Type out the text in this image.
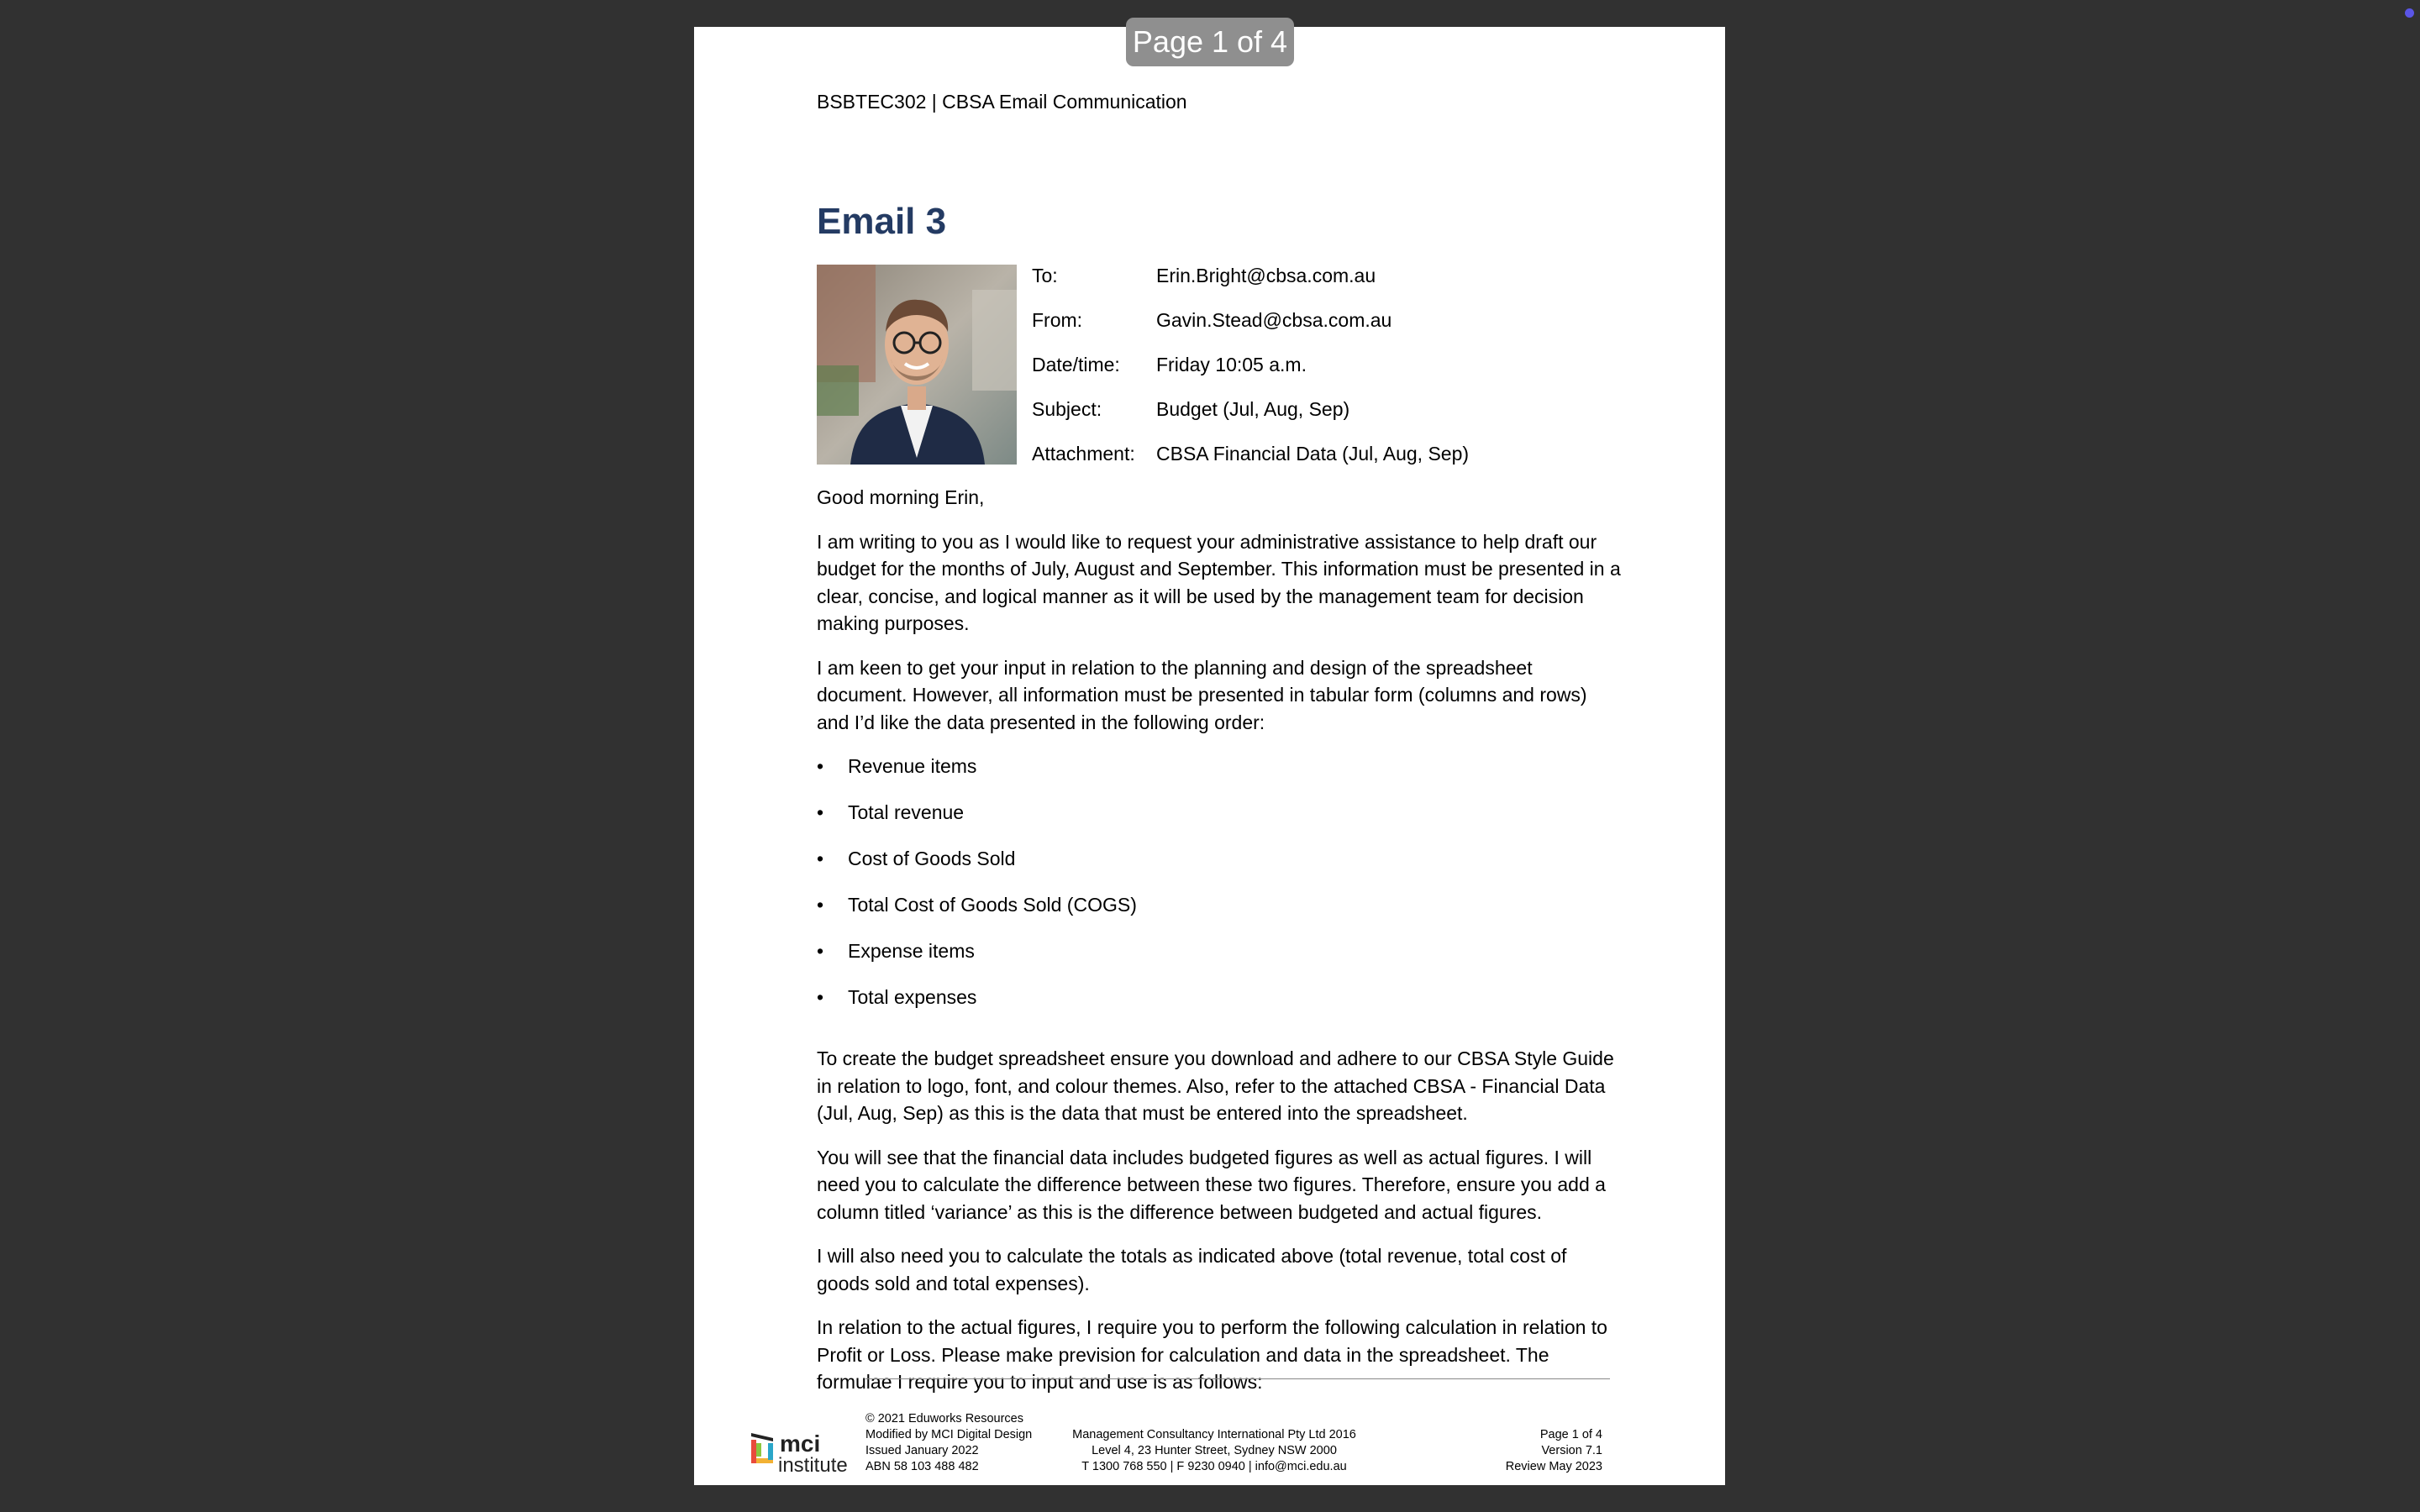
Page 1 of 4
BSBTEC302 | CBSA Email Communication
Email 3
To:	Erin.Bright@cbsa.com.au
From:	Gavin.Stead@cbsa.com.au
Date/time:	Friday 10:05 a.m.
Subject:	Budget (Jul, Aug, Sep)
Attachment:	CBSA Financial Data (Jul, Aug, Sep)

Good morning Erin,

I am writing to you as I would like to request your administrative assistance to help draft our budget for the months of July, August and September. This information must be presented in a clear, concise, and logical manner as it will be used by the management team for decision making purposes.

I am keen to get your input in relation to the planning and design of the spreadsheet document. However, all information must be presented in tabular form (columns and rows) and I’d like the data presented in the following order:

• Revenue items
• Total revenue
• Cost of Goods Sold
• Total Cost of Goods Sold (COGS)
• Expense items
• Total expenses

To create the budget spreadsheet ensure you download and adhere to our CBSA Style Guide in relation to logo, font, and colour themes. Also, refer to the attached CBSA - Financial Data (Jul, Aug, Sep) as this is the data that must be entered into the spreadsheet.

You will see that the financial data includes budgeted figures as well as actual figures. I will need you to calculate the difference between these two figures. Therefore, ensure you add a column titled ‘variance’ as this is the difference between budgeted and actual figures.

I will also need you to calculate the totals as indicated above (total revenue, total cost of goods sold and total expenses).

In relation to the actual figures, I require you to perform the following calculation in relation to Profit or Loss. Please make prevision for calculation and data in the spreadsheet. The formulae I require you to input and use is as follows:

mci
institute
© 2021 Eduworks Resources
Modified by MCI Digital Design
Issued January 2022
ABN 58 103 488 482
Management Consultancy International Pty Ltd 2016
Level 4, 23 Hunter Street, Sydney NSW 2000
T 1300 768 550 | F 9230 0940 | info@mci.edu.au
Page 1 of 4
Version 7.1
Review May 2023
